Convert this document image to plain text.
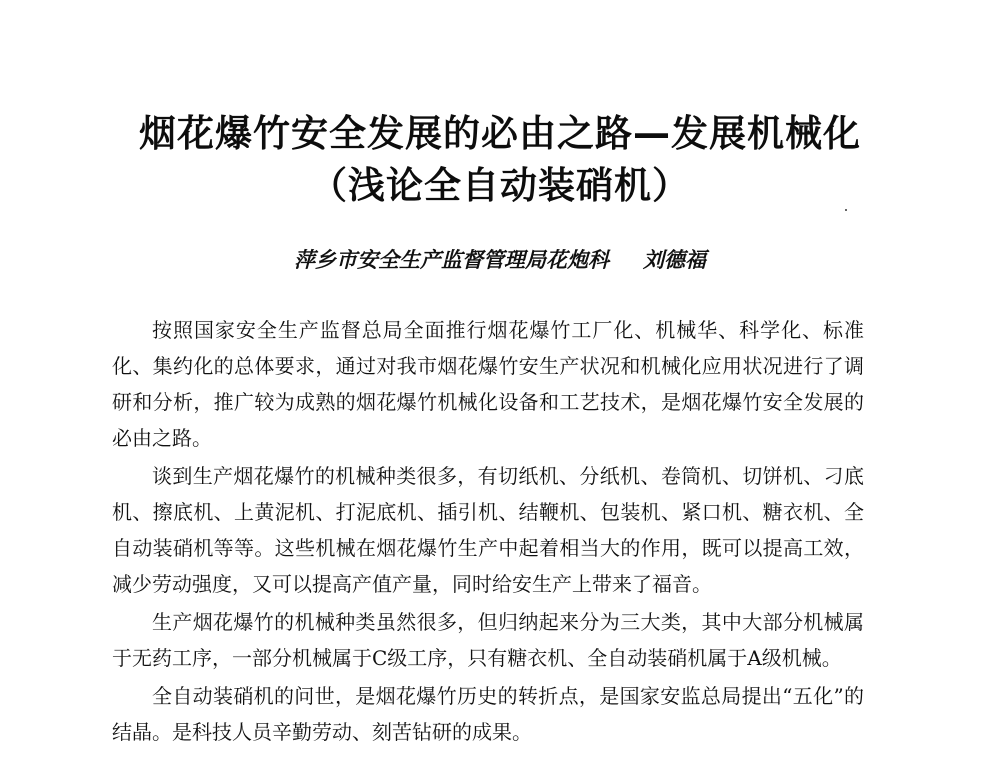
烟花爆竹安全发展的必由之路—发展机械化
（浅论全自动装硝机）
萍乡市安全生产监督管理局花炮科 刘德福

按照国家安全生产监督总局全面推行烟花爆竹工厂化、机械华、科学化、标准化、集约化的总体要求，通过对我市烟花爆竹安生产状况和机械化应用状况进行了调研和分析，推广较为成熟的烟花爆竹机械化设备和工艺技术，是烟花爆竹安全发展的必由之路。

谈到生产烟花爆竹的机械种类很多，有切纸机、分纸机、卷筒机、切饼机、刁底机、擦底机、上黄泥机、打泥底机、插引机、结鞭机、包装机、紧口机、糖衣机、全自动装硝机等等。这些机械在烟花爆竹生产中起着相当大的作用，既可以提高工效，减少劳动强度，又可以提高产值产量，同时给安生产上带来了福音。

生产烟花爆竹的机械种类虽然很多，但归纳起来分为三大类，其中大部分机械属于无药工序，一部分机械属于C级工序，只有糖衣机、全自动装硝机属于A级机械。

全自动装硝机的问世，是烟花爆竹历史的转折点，是国家安监总局提出“五化”的结晶。是科技人员辛勤劳动、刻苦钻研的成果。
